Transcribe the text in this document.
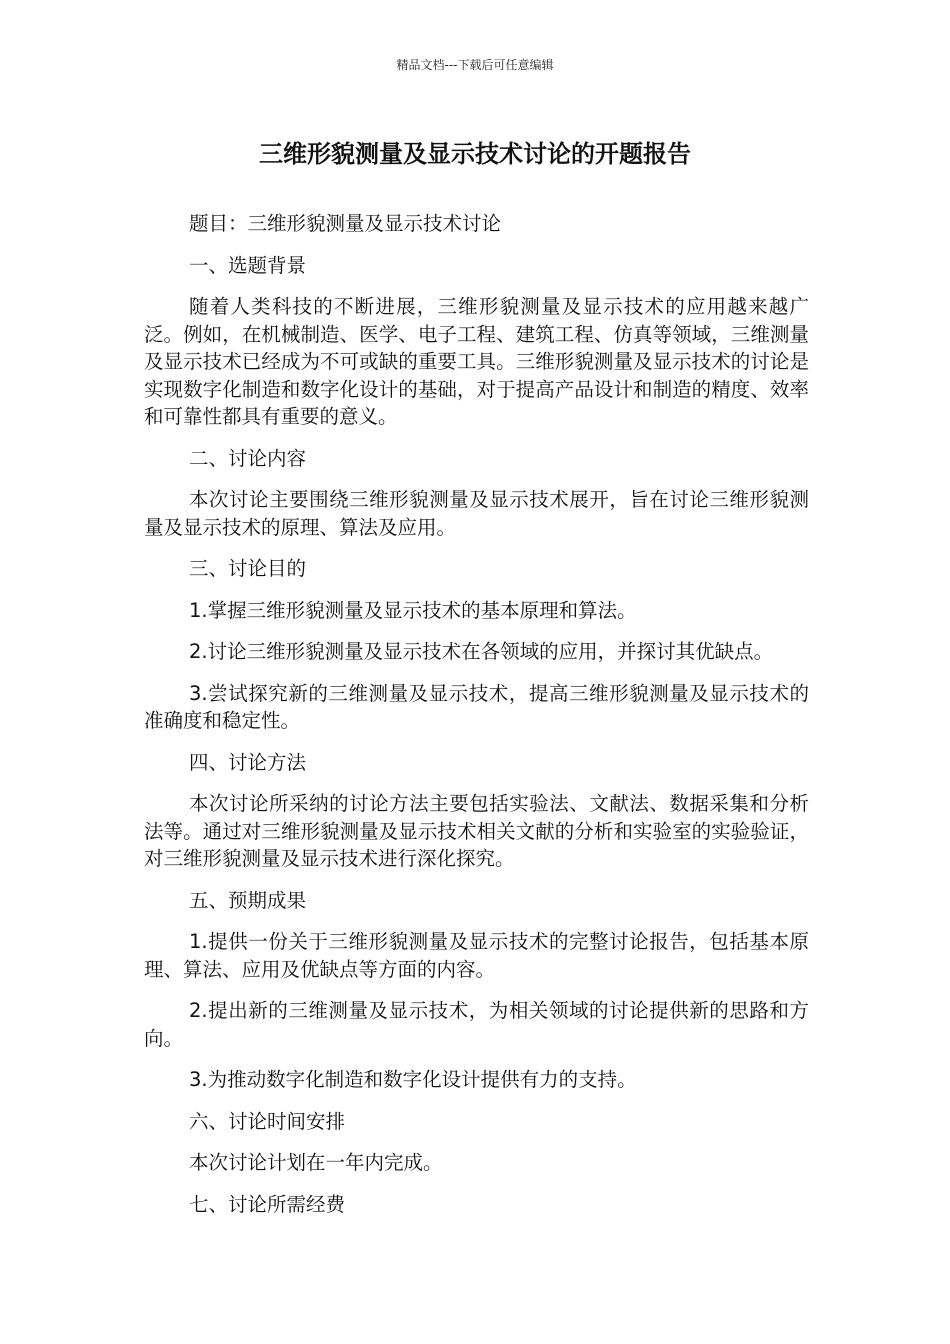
精品文档---下载后可任意编辑
三维形貌测量及显示技术讨论的开题报告

题目：三维形貌测量及显示技术讨论

一、选题背景

随着人类科技的不断进展，三维形貌测量及显示技术的应用越来越广泛。例如，在机械制造、医学、电子工程、建筑工程、仿真等领域，三维测量及显示技术已经成为不可或缺的重要工具。三维形貌测量及显示技术的讨论是实现数字化制造和数字化设计的基础，对于提高产品设计和制造的精度、效率和可靠性都具有重要的意义。

二、讨论内容

本次讨论主要围绕三维形貌测量及显示技术展开，旨在讨论三维形貌测量及显示技术的原理、算法及应用。

三、讨论目的

1.掌握三维形貌测量及显示技术的基本原理和算法。

2.讨论三维形貌测量及显示技术在各领域的应用，并探讨其优缺点。

3.尝试探究新的三维测量及显示技术，提高三维形貌测量及显示技术的准确度和稳定性。

四、讨论方法

本次讨论所采纳的讨论方法主要包括实验法、文献法、数据采集和分析法等。通过对三维形貌测量及显示技术相关文献的分析和实验室的实验验证，对三维形貌测量及显示技术进行深化探究。

五、预期成果

1.提供一份关于三维形貌测量及显示技术的完整讨论报告，包括基本原理、算法、应用及优缺点等方面的内容。

2.提出新的三维测量及显示技术，为相关领域的讨论提供新的思路和方向。

3.为推动数字化制造和数字化设计提供有力的支持。

六、讨论时间安排

本次讨论计划在一年内完成。

七、讨论所需经费
